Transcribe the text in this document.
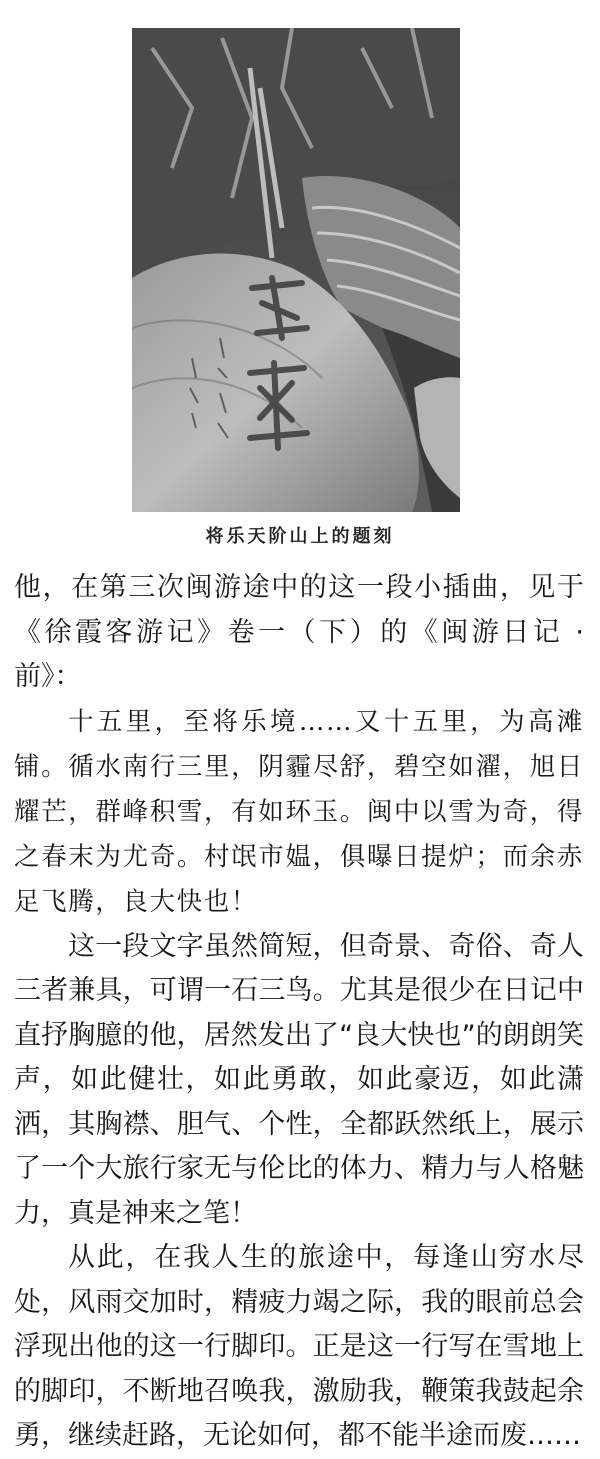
将乐天阶山上的题刻

他，在第三次闽游途中的这一段小插曲，见于《徐霞客游记》卷一（下）的《闽游日记 · 前》：

十五里，至将乐境……又十五里，为高滩铺。循水南行三里，阴霾尽舒，碧空如濯，旭日耀芒，群峰积雪，有如环玉。闽中以雪为奇，得之春末为尤奇。村氓市媪，俱曝日提炉；而余赤足飞腾，良大快也！

这一段文字虽然简短，但奇景、奇俗、奇人三者兼具，可谓一石三鸟。尤其是很少在日记中直抒胸臆的他，居然发出了“良大快也”的朗朗笑声，如此健壮，如此勇敢，如此豪迈，如此潇洒，其胸襟、胆气、个性，全都跃然纸上，展示了一个大旅行家无与伦比的体力、精力与人格魅力，真是神来之笔！

从此，在我人生的旅途中，每逢山穷水尽处，风雨交加时，精疲力竭之际，我的眼前总会浮现出他的这一行脚印。正是这一行写在雪地上的脚印，不断地召唤我，激励我，鞭策我鼓起余勇，继续赶路，无论如何，都不能半途而废……
